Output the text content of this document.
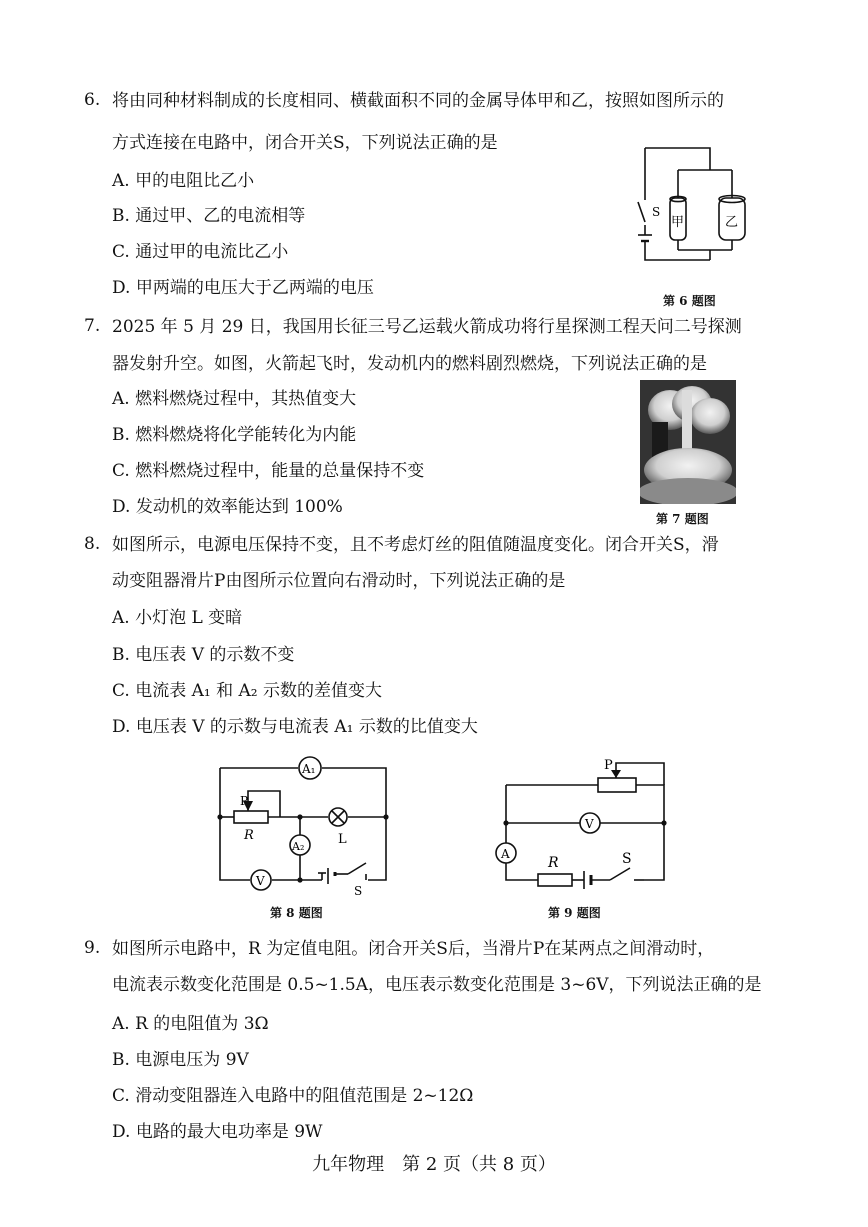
6. 将由同种材料制成的长度相同、横截面积不同的金属导体甲和乙，按照如图所示的
方式连接在电路中，闭合开关S，下列说法正确的是
A. 甲的电阻比乙小
B. 通过甲、乙的电流相等
C. 通过甲的电流比乙小
D. 甲两端的电压大于乙两端的电压
S
甲	乙
第 6 题图
7. 2025 年 5 月 29 日，我国用长征三号乙运载火箭成功将行星探测工程天问二号探测
器发射升空。如图，火箭起飞时，发动机内的燃料剧烈燃烧，下列说法正确的是
A. 燃料燃烧过程中，其热值变大
B. 燃料燃烧将化学能转化为内能
C. 燃料燃烧过程中，能量的总量保持不变
D. 发动机的效率能达到 100%
第 7 题图
8. 如图所示，电源电压保持不变，且不考虑灯丝的阻值随温度变化。闭合开关S，滑
动变阻器滑片P由图所示位置向右滑动时，下列说法正确的是
A. 小灯泡 L 变暗
B. 电压表 V 的示数不变
C. 电流表 A₁ 和 A₂ 示数的差值变大
D. 电压表 V 的示数与电流表 A₁ 示数的比值变大
A₁
A₂
P
R	L
V
S
第 8 题图
P
V
A
R	S
第 9 题图
9. 如图所示电路中，R 为定值电阻。闭合开关S后，当滑片P在某两点之间滑动时，
电流表示数变化范围是 0.5~1.5A，电压表示数变化范围是 3~6V，下列说法正确的是
A. R 的电阻值为 3Ω
B. 电源电压为 9V
C. 滑动变阻器连入电路中的阻值范围是 2~12Ω
D. 电路的最大电功率是 9W
九年物理　第 2 页（共 8 页）
